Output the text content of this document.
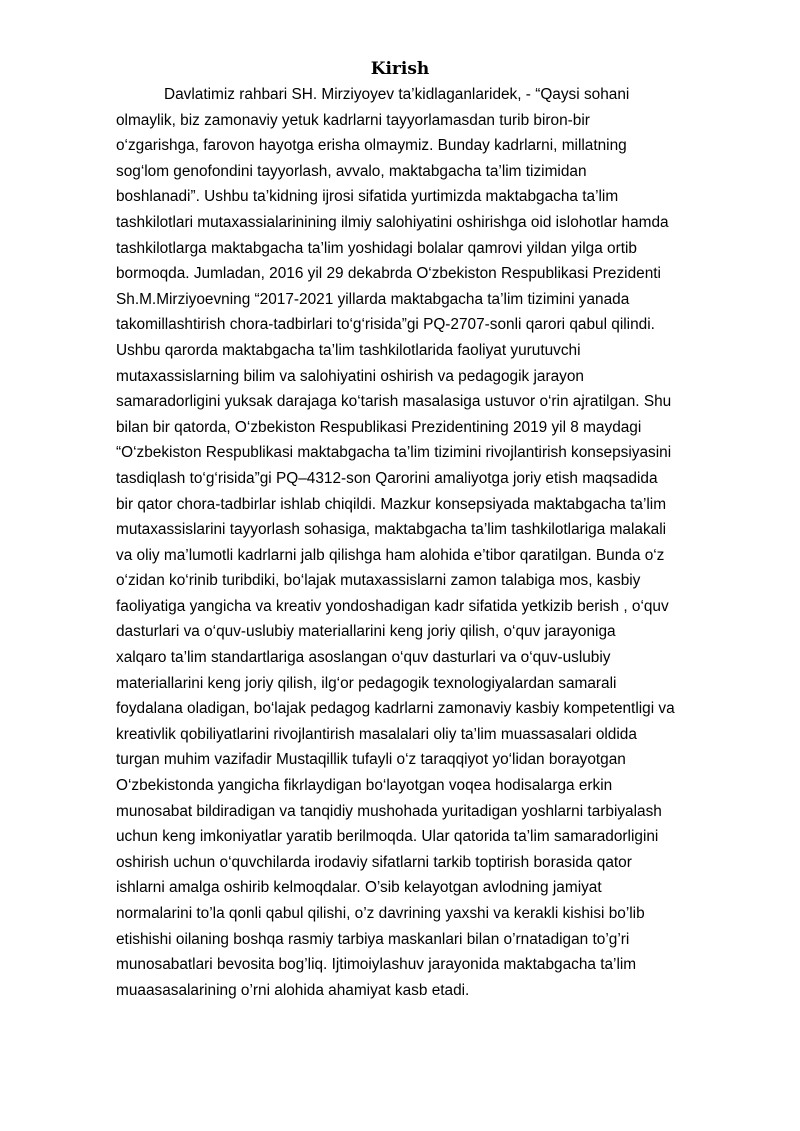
Kirish
Davlatimiz rahbari SH. Mirziyoyev ta’kidlaganlaridek, - “Qaysi sohani
olmaylik, biz zamonaviy yetuk kadrlarni tayyorlamasdan turib biron-bir
o‘zgarishga, farovon hayotga erisha olmaymiz. Bunday kadrlarni, millatning
sog‘lom genofondini tayyorlash, avvalo, maktabgacha ta’lim tizimidan
boshlanadi”. Ushbu ta’kidning ijrosi sifatida yurtimizda maktabgacha ta’lim
tashkilotlari mutaxassialarinining ilmiy salohiyatini oshirishga oid islohotlar hamda
tashkilotlarga maktabgacha ta’lim yoshidagi bolalar qamrovi yildan yilga ortib
bormoqda. Jumladan, 2016 yil 29 dekabrda O‘zbekiston Respublikasi Prezidenti
Sh.M.Mirziyoevning “2017-2021 yillarda maktabgacha ta’lim tizimini yanada
takomillashtirish chora-tadbirlari to‘g‘risida”gi PQ-2707-sonli qarori qabul qilindi.
Ushbu qarorda maktabgacha ta’lim tashkilotlarida faoliyat yurutuvchi
mutaxassislarning bilim va salohiyatini oshirish va pedagogik jarayon
samaradorligini yuksak darajaga ko‘tarish masalasiga ustuvor o‘rin ajratilgan. Shu
bilan bir qatorda, O‘zbekiston Respublikasi Prezidentining 2019 yil 8 maydagi
“O‘zbekiston Respublikasi maktabgacha ta’lim tizimini rivojlantirish konsepsiyasini
tasdiqlash to‘g‘risida”gi PQ–4312-son Qarorini amaliyotga joriy etish maqsadida
bir qator chora-tadbirlar ishlab chiqildi. Mazkur konsepsiyada maktabgacha ta’lim
mutaxassislarini tayyorlash sohasiga, maktabgacha ta’lim tashkilotlariga malakali
va oliy ma’lumotli kadrlarni jalb qilishga ham alohida e’tibor qaratilgan. Bunda o‘z
o‘zidan ko‘rinib turibdiki, bo‘lajak mutaxassislarni zamon talabiga mos, kasbiy
faoliyatiga yangicha va kreativ yondoshadigan kadr sifatida yetkizib berish , o‘quv
dasturlari va o‘quv-uslubiy materiallarini keng joriy qilish, o‘quv jarayoniga
xalqaro ta’lim standartlariga asoslangan o‘quv dasturlari va o‘quv-uslubiy
materiallarini keng joriy qilish, ilg‘or pedagogik texnologiyalardan samarali
foydalana oladigan, bo‘lajak pedagog kadrlarni zamonaviy kasbiy kompetentligi va
kreativlik qobiliyatlarini rivojlantirish masalalari oliy ta’lim muassasalari oldida
turgan muhim vazifadir Mustaqillik tufayli o‘z taraqqiyot yo‘lidan borayotgan
O‘zbekistonda yangicha fikrlaydigan bo‘layotgan voqea hodisalarga erkin
munosabat bildiradigan va tanqidiy mushohada yuritadigan yoshlarni tarbiyalash
uchun keng imkoniyatlar yaratib berilmoqda. Ular qatorida ta’lim samaradorligini
oshirish uchun o‘quvchilarda irodaviy sifatlarni tarkib toptirish borasida qator
ishlarni amalga oshirib kelmoqdalar. O’sib kelayotgan avlodning jamiyat
normalarini to’la qonli qabul qilishi, o’z davrining yaxshi va kerakli kishisi bo’lib
etishishi oilaning boshqa rasmiy tarbiya maskanlari bilan o’rnatadigan to’g’ri
munosabatlari bevosita bog’liq. Ijtimoiylashuv jarayonida maktabgacha ta’lim
muaasasalarining o’rni alohida ahamiyat kasb etadi.
